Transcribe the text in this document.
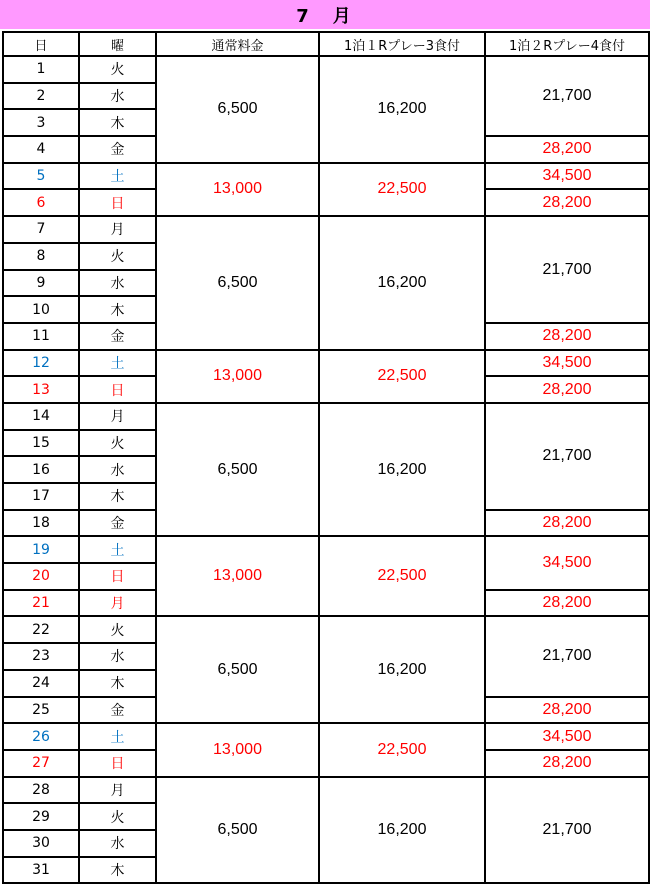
7　月
日	曜	通常料金	1泊１Rプレー3食付	1泊２Rプレー4食付
1	火	6,500	16,200	21,700
2	水			
3	木			
4	金			28,200
5	土	13,000	22,500	34,500
6	日			28,200
7	月	6,500	16,200	21,700
8	火			
9	水			
10	木			
11	金			28,200
12	土	13,000	22,500	34,500
13	日			28,200
14	月	6,500	16,200	21,700
15	火			
16	水			
17	木			
18	金			28,200
19	土	13,000	22,500	34,500
20	日			
21	月			28,200
22	火	6,500	16,200	21,700
23	水			
24	木			
25	金			28,200
26	土	13,000	22,500	34,500
27	日			28,200
28	月	6,500	16,200	21,700
29	火			
30	水			
31	木			
